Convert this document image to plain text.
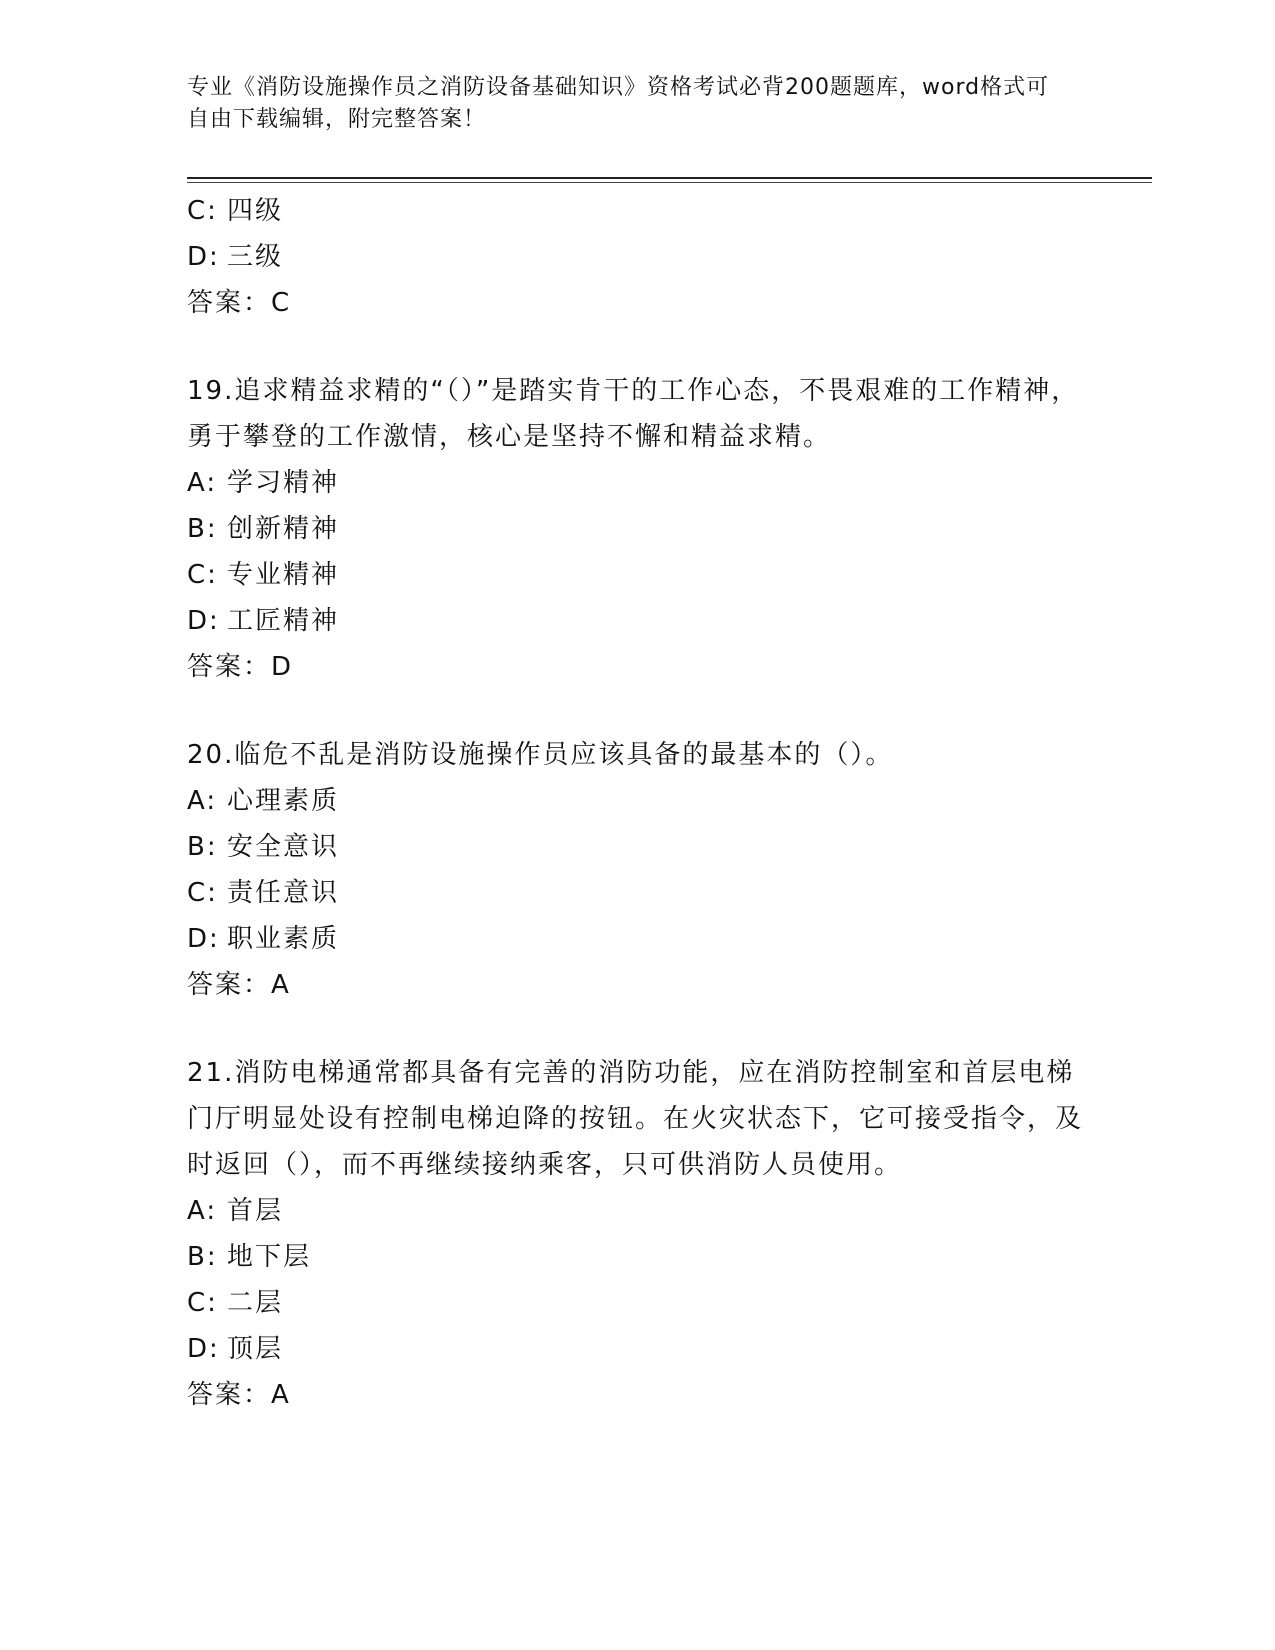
专业《消防设施操作员之消防设备基础知识》资格考试必背200题题库，word格式可自由下载编辑，附完整答案！
C: 四级
D: 三级
答案：C
19.追求精益求精的“（）”是踏实肯干的工作心态，不畏艰难的工作精神，勇于攀登的工作激情，核心是坚持不懈和精益求精。
A: 学习精神
B: 创新精神
C: 专业精神
D: 工匠精神
答案：D
20.临危不乱是消防设施操作员应该具备的最基本的（）。
A: 心理素质
B: 安全意识
C: 责任意识
D: 职业素质
答案：A
21.消防电梯通常都具备有完善的消防功能，应在消防控制室和首层电梯门厅明显处设有控制电梯迫降的按钮。在火灾状态下，它可接受指令，及时返回（），而不再继续接纳乘客，只可供消防人员使用。
A: 首层
B: 地下层
C: 二层
D: 顶层
答案：A
